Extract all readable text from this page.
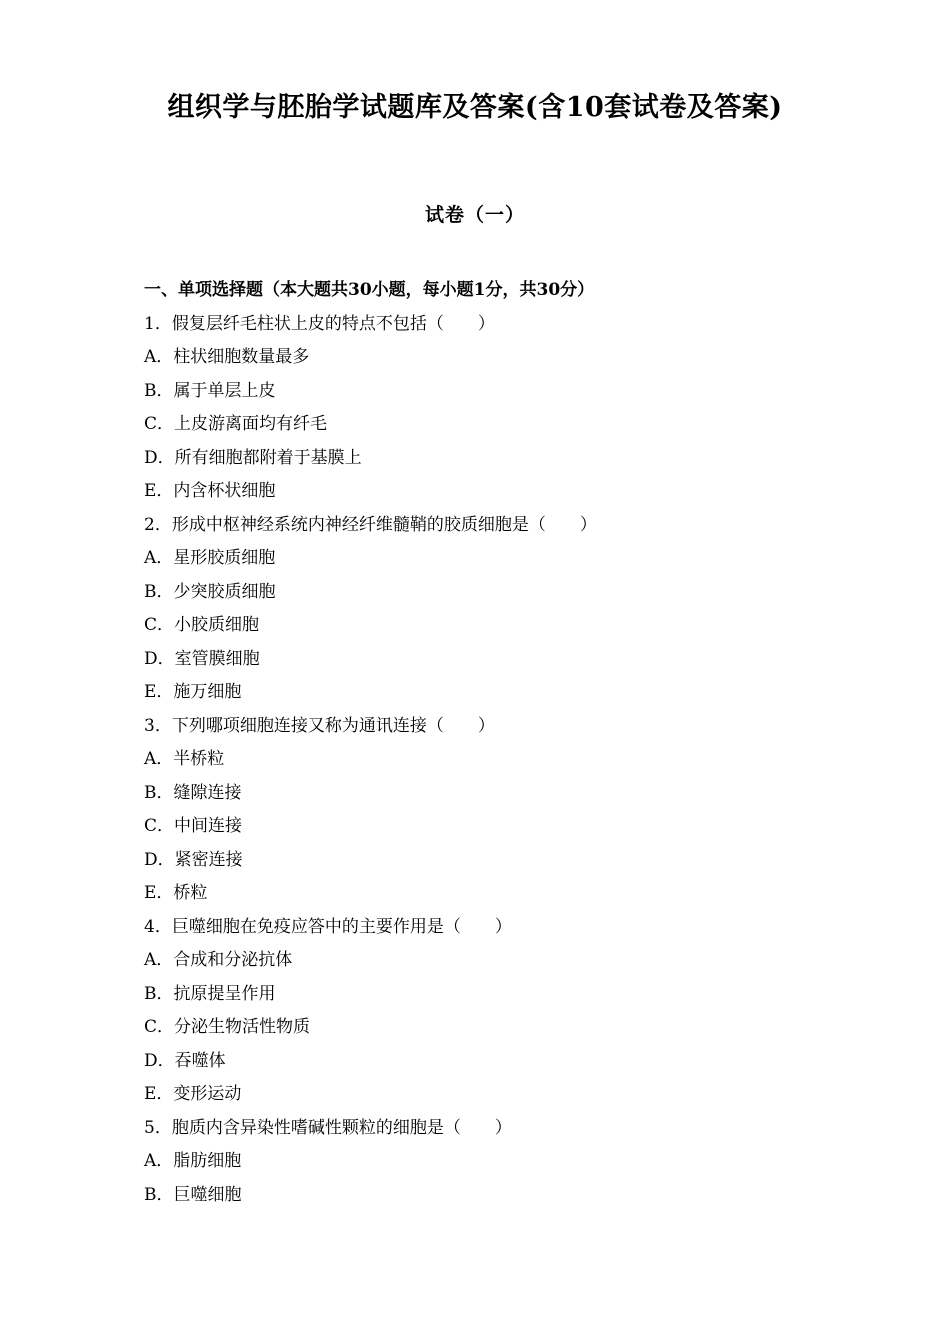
组织学与胚胎学试题库及答案(含10套试卷及答案)
试卷（一）
一、单项选择题（本大题共30小题，每小题1分，共30分）
1．假复层纤毛柱状上皮的特点不包括（　　）
A．柱状细胞数量最多
B．属于单层上皮
C．上皮游离面均有纤毛
D．所有细胞都附着于基膜上
E．内含杯状细胞
2．形成中枢神经系统内神经纤维髓鞘的胶质细胞是（　　）
A．星形胶质细胞
B．少突胶质细胞
C．小胶质细胞
D．室管膜细胞
E．施万细胞
3．下列哪项细胞连接又称为通讯连接（　　）
A．半桥粒
B．缝隙连接
C．中间连接
D．紧密连接
E．桥粒
4．巨噬细胞在免疫应答中的主要作用是（　　）
A．合成和分泌抗体
B．抗原提呈作用
C．分泌生物活性物质
D．吞噬体
E．变形运动
5．胞质内含异染性嗜碱性颗粒的细胞是（　　）
A．脂肪细胞
B．巨噬细胞
